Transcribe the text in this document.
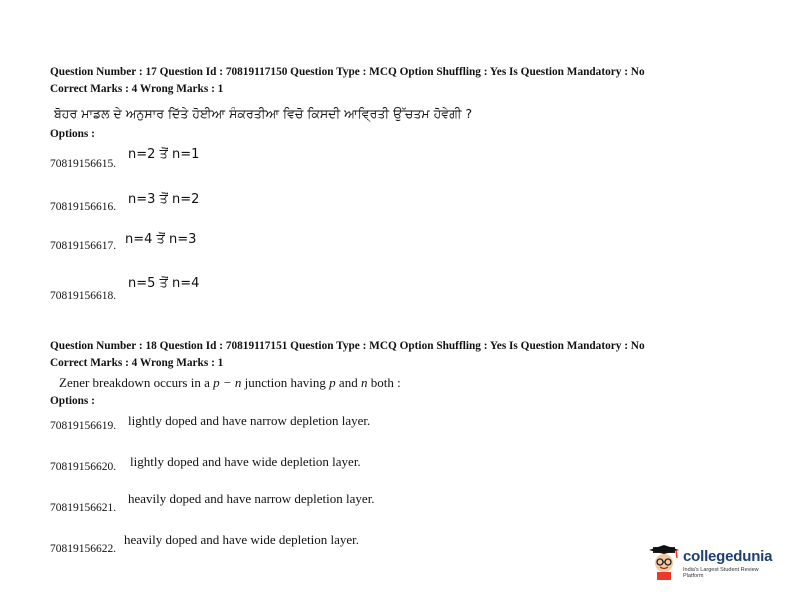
Question Number : 17 Question Id : 70819117150 Question Type : MCQ Option Shuffling : Yes Is Question Mandatory : No
Correct Marks : 4 Wrong Marks : 1
ਬੋਹਰ ਮਾਡਲ ਦੇ ਅਨੁਸਾਰ ਦਿੱਤੇ ਹੋਈਆ ਸੰਕਰਤੀਆ ਵਿਚੋ ਕਿਸਦੀ ਆਵ੍ਰਿਤੀ ਉੱਚਤਮ ਹੋਵੇਗੀ ?
Options :
70819156615.
n=2 ਤੋਂ n=1
70819156616. n=3 ਤੋਂ n=2
70819156617. n=4 ਤੋਂ n=3
70819156618.
n=5 ਤੋਂ n=4
Question Number : 18 Question Id : 70819117151 Question Type : MCQ Option Shuffling : Yes Is Question Mandatory : No
Correct Marks : 4 Wrong Marks : 1
Zener breakdown occurs in a p − n junction having p and n both :
Options :
70819156619. lightly doped and have narrow depletion layer.
70819156620. lightly doped and have wide depletion layer.
70819156621.
heavily doped and have narrow depletion layer.
70819156622.
heavily doped and have wide depletion layer.
collegedunia
India's Largest Student Review Platform
